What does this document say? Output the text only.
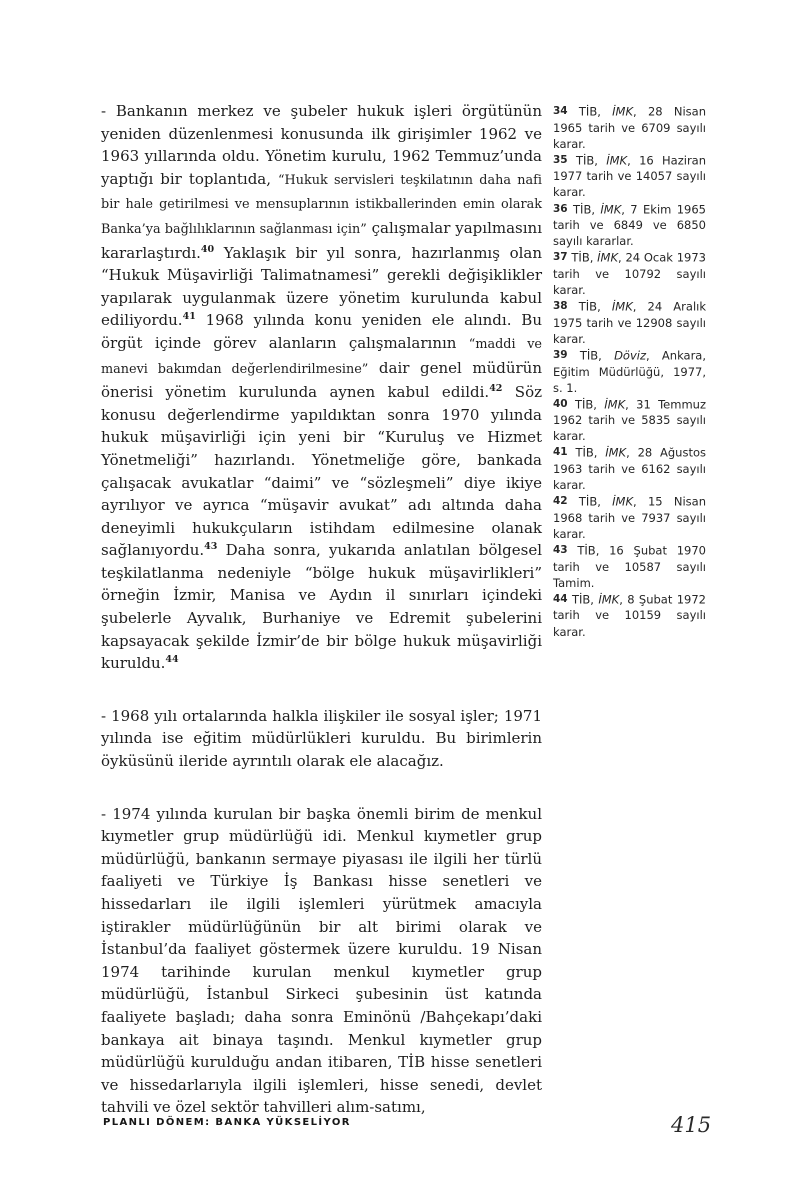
- Bankanın merkez ve şubeler hukuk işleri örgütünün yeniden düzenlenmesi konusunda ilk girişimler 1962 ve 1963 yıllarında oldu. Yönetim kurulu, 1962 Temmuz’unda yaptığı bir toplantıda, “Hukuk servisleri teşkilatının daha nafi bir hale getirilmesi ve mensuplarının istikballerinden emin olarak Banka’ya bağlılıklarının sağlanması için” çalışmalar yapılmasını kararlaştırdı.$^{40}$ Yaklaşık bir yıl sonra, hazırlanmış olan “Hukuk Müşavirliği Talimatnamesi” gerekli değişiklikler yapılarak uygulanmak üzere yönetim kurulunda kabul ediliyordu.$^{41}$ 1968 yılında konu yeniden ele alındı. Bu örgüt içinde görev alanların çalışmalarının “maddi ve manevi bakımdan değerlendirilmesine” dair genel müdürün önerisi yönetim kurulunda aynen kabul edildi.$^{42}$ Söz konusu değerlendirme yapıldıktan sonra 1970 yılında hukuk müşavirliği için yeni bir “Kuruluş ve Hizmet Yönetmeliği” hazırlandı. Yönetmeliğe göre, bankada çalışacak avukatlar “daimi” ve “sözleşmeli” diye ikiye ayrılıyor ve ayrıca “müşavir avukat” adı altında daha deneyimli hukukçuların istihdam edilmesine olanak sağlanıyordu.$^{43}$ Daha sonra, yukarıda anlatılan bölgesel teşkilatlanma nedeniyle “bölge hukuk müşavirlikleri” örneğin İzmir, Manisa ve Aydın il sınırları içindeki şubelerle Ayvalık, Burhaniye ve Edremit şubelerini kapsayacak şekilde İzmir’de bir bölge hukuk müşavirliği kuruldu.$^{44}$

- 1968 yılı ortalarında halkla ilişkiler ile sosyal işler; 1971 yılında ise eğitim müdürlükleri kuruldu. Bu birimlerin öyküsünü ileride ayrıntılı olarak ele alacağız.

- 1974 yılında kurulan bir başka önemli birim de menkul kıymetler grup müdürlüğü idi. Menkul kıymetler grup müdürlüğü, bankanın sermaye piyasası ile ilgili her türlü faaliyeti ve Türkiye İş Bankası hisse senetleri ve hissedarları ile ilgili işlemleri yürütmek amacıyla iştirakler müdürlüğünün bir alt birimi olarak ve İstanbul’da faaliyet göstermek üzere kuruldu. 19 Nisan 1974 tarihinde kurulan menkul kıymetler grup müdürlüğü, İstanbul Sirkeci şubesinin üst katında faaliyete başladı; daha sonra Eminönü /Bahçekapı’daki bankaya ait binaya taşındı. Menkul kıymetler grup müdürlüğü kurulduğu andan itibaren, TİB hisse senetleri ve hissedarlarıyla ilgili işlemleri, hisse senedi, devlet tahvili ve özel sektör tahvilleri alım-satımı,

34 TİB, İMK, 28 Nisan 1965 tarih ve 6709 sayılı karar.
35 TİB, İMK, 16 Haziran 1977 tarih ve 14057 sayılı karar.
36 TİB, İMK, 7 Ekim 1965 tarih ve 6849 ve 6850 sayılı kararlar.
37 TİB, İMK, 24 Ocak 1973 tarih ve 10792 sayılı karar.
38 TİB, İMK, 24 Aralık 1975 tarih ve 12908 sayılı karar.
39 TİB, Döviz, Ankara, Eğitim Müdürlüğü, 1977, s. 1.
40 TİB, İMK, 31 Temmuz 1962 tarih ve 5835 sayılı karar.
41 TİB, İMK, 28 Ağustos 1963 tarih ve 6162 sayılı karar.
42 TİB, İMK, 15 Nisan 1968 tarih ve 7937 sayılı karar.
43 TİB, 16 Şubat 1970 tarih ve 10587 sayılı Tamim.
44 TİB, İMK, 8 Şubat 1972 tarih ve 10159 sayılı karar.
PLANLI DÖNEM: BANKA YÜKSELİYOR	415
